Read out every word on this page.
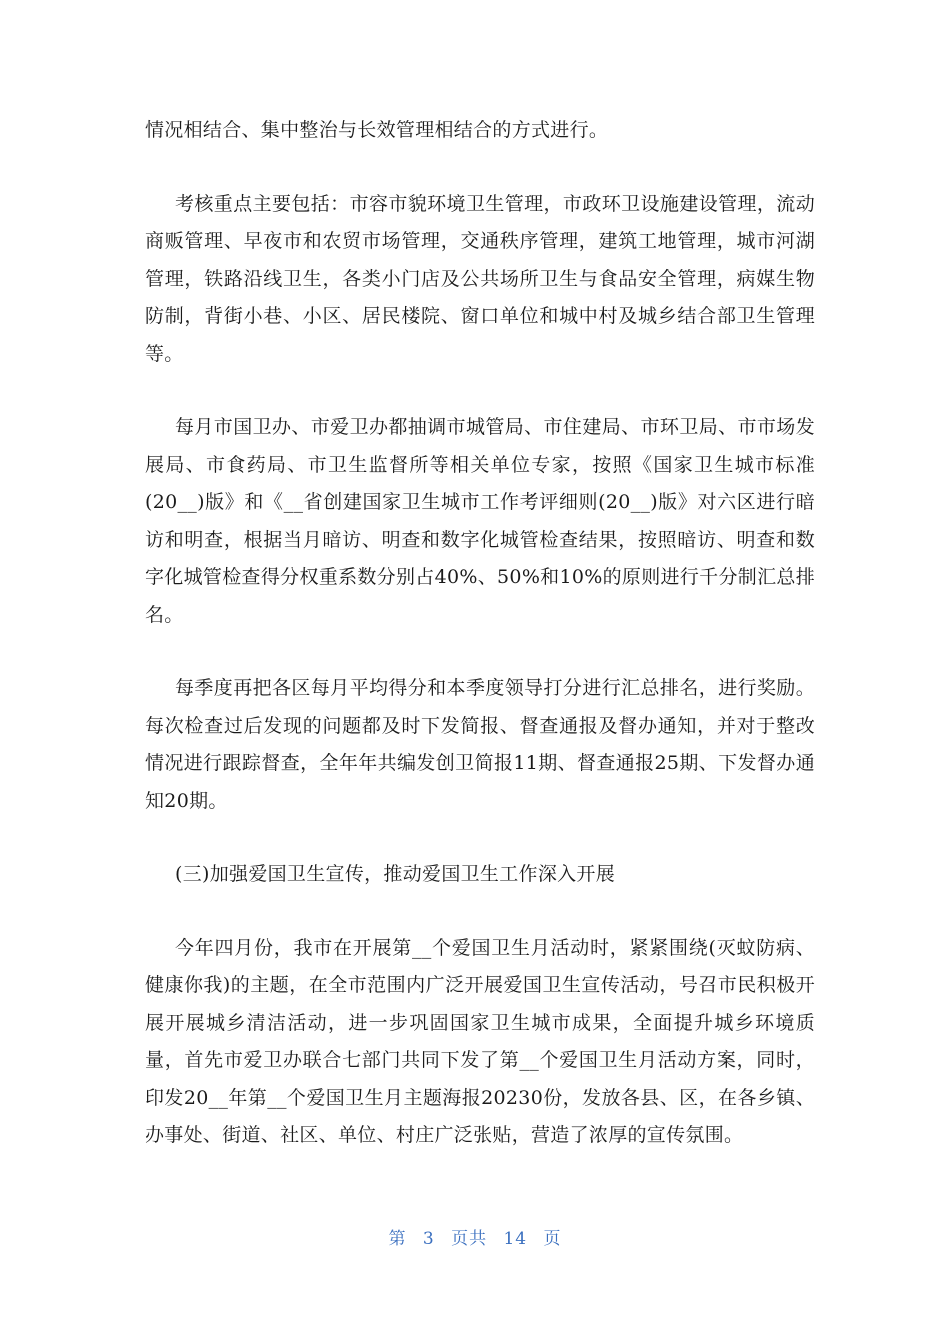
情况相结合、集中整治与长效管理相结合的方式进行。

考核重点主要包括：市容市貌环境卫生管理，市政环卫设施建设管理，流动商贩管理、早夜市和农贸市场管理，交通秩序管理，建筑工地管理，城市河湖管理，铁路沿线卫生，各类小门店及公共场所卫生与食品安全管理，病媒生物防制，背街小巷、小区、居民楼院、窗口单位和城中村及城乡结合部卫生管理等。

每月市国卫办、市爱卫办都抽调市城管局、市住建局、市环卫局、市市场发展局、市食药局、市卫生监督所等相关单位专家，按照《国家卫生城市标准(20__)版》和《__省创建国家卫生城市工作考评细则(20__)版》对六区进行暗访和明查，根据当月暗访、明查和数字化城管检查结果，按照暗访、明查和数字化城管检查得分权重系数分别占40%、50%和10%的原则进行千分制汇总排名。

每季度再把各区每月平均得分和本季度领导打分进行汇总排名，进行奖励。每次检查过后发现的问题都及时下发简报、督查通报及督办通知，并对于整改情况进行跟踪督查，全年年共编发创卫简报11期、督查通报25期、下发督办通知20期。

(三)加强爱国卫生宣传，推动爱国卫生工作深入开展

今年四月份，我市在开展第__个爱国卫生月活动时，紧紧围绕(灭蚊防病、健康你我)的主题，在全市范围内广泛开展爱国卫生宣传活动，号召市民积极开展开展城乡清洁活动，进一步巩固国家卫生城市成果，全面提升城乡环境质量，首先市爱卫办联合七部门共同下发了第__个爱国卫生月活动方案，同时，印发20__年第__个爱国卫生月主题海报20230份，发放各县、区，在各乡镇、办事处、街道、社区、单位、村庄广泛张贴，营造了浓厚的宣传氛围。

第 3 页共 14 页
